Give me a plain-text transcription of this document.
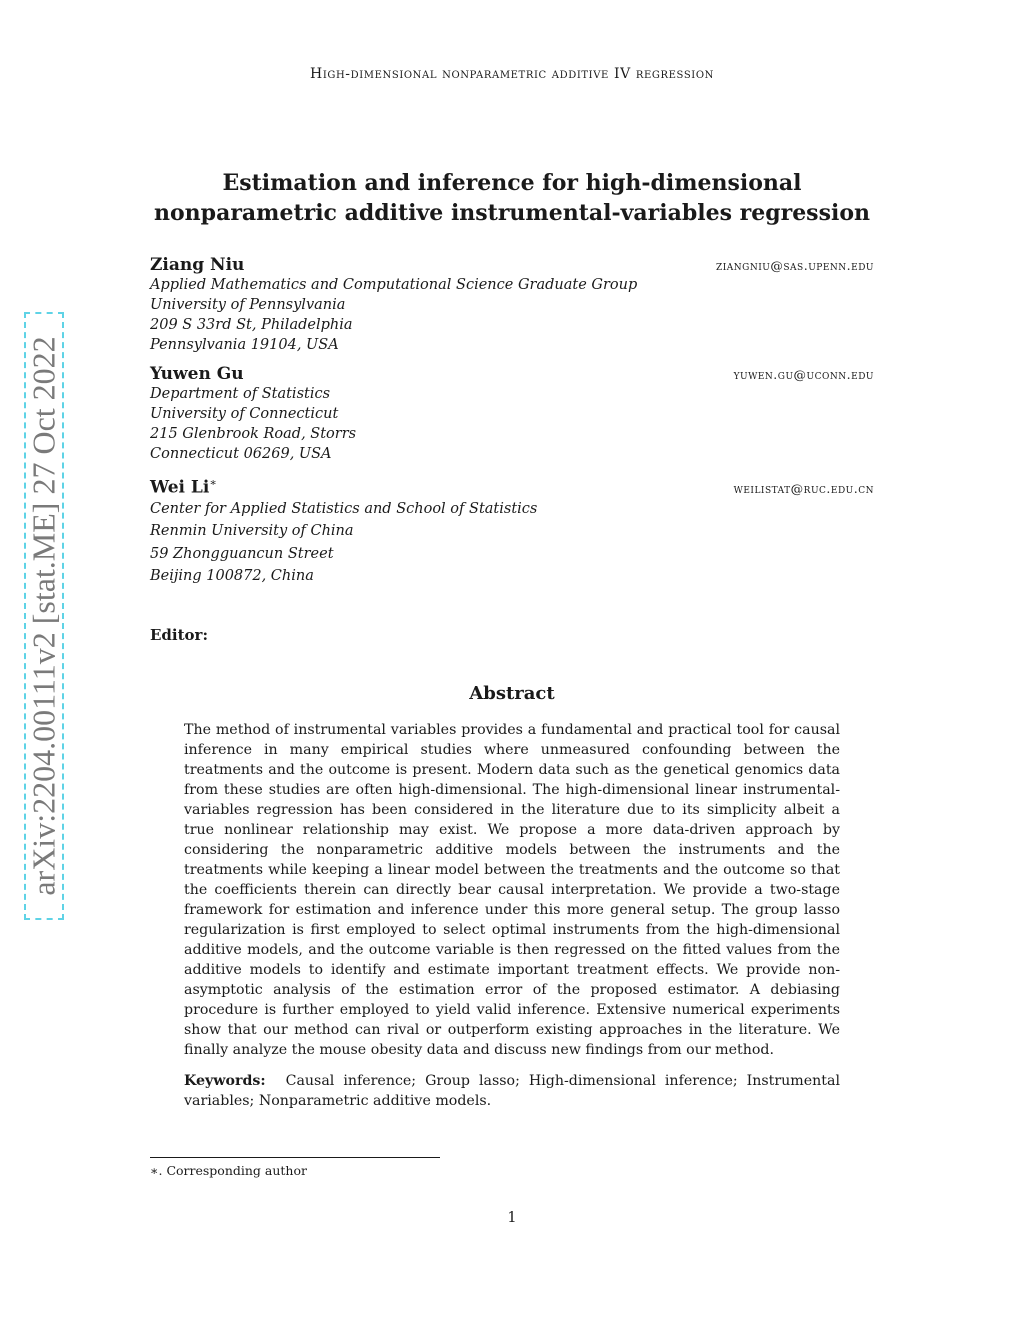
arXiv:2204.00111v2 [stat.ME] 27 Oct 2022
High-dimensional nonparametric additive IV regression
Estimation and inference for high-dimensional
nonparametric additive instrumental-variables regression
Ziang Niu	ziangniu@sas.upenn.edu
Applied Mathematics and Computational Science Graduate Group
University of Pennsylvania
209 S 33rd St, Philadelphia
Pennsylvania 19104, USA
Yuwen Gu	yuwen.gu@uconn.edu
Department of Statistics
University of Connecticut
215 Glenbrook Road, Storrs
Connecticut 06269, USA
Wei Li∗	weilistat@ruc.edu.cn
Center for Applied Statistics and School of Statistics
Renmin University of China
59 Zhongguancun Street
Beijing 100872, China
Editor:
Abstract
The method of instrumental variables provides a fundamental and practical tool for causal inference in many empirical studies where unmeasured confounding between the treatments and the outcome is present. Modern data such as the genetical genomics data from these studies are often high-dimensional. The high-dimensional linear instrumental-variables regression has been considered in the literature due to its simplicity albeit a true nonlinear relationship may exist. We propose a more data-driven approach by considering the nonparametric additive models between the instruments and the treatments while keeping a linear model between the treatments and the outcome so that the coefficients therein can directly bear causal interpretation. We provide a two-stage framework for estimation and inference under this more general setup. The group lasso regularization is first employed to select optimal instruments from the high-dimensional additive models, and the outcome variable is then regressed on the fitted values from the additive models to identify and estimate important treatment effects. We provide non-asymptotic analysis of the estimation error of the proposed estimator. A debiasing procedure is further employed to yield valid inference. Extensive numerical experiments show that our method can rival or outperform existing approaches in the literature. We finally analyze the mouse obesity data and discuss new findings from our method.
Keywords: Causal inference; Group lasso; High-dimensional inference; Instrumental variables; Nonparametric additive models.
∗. Corresponding author
1
